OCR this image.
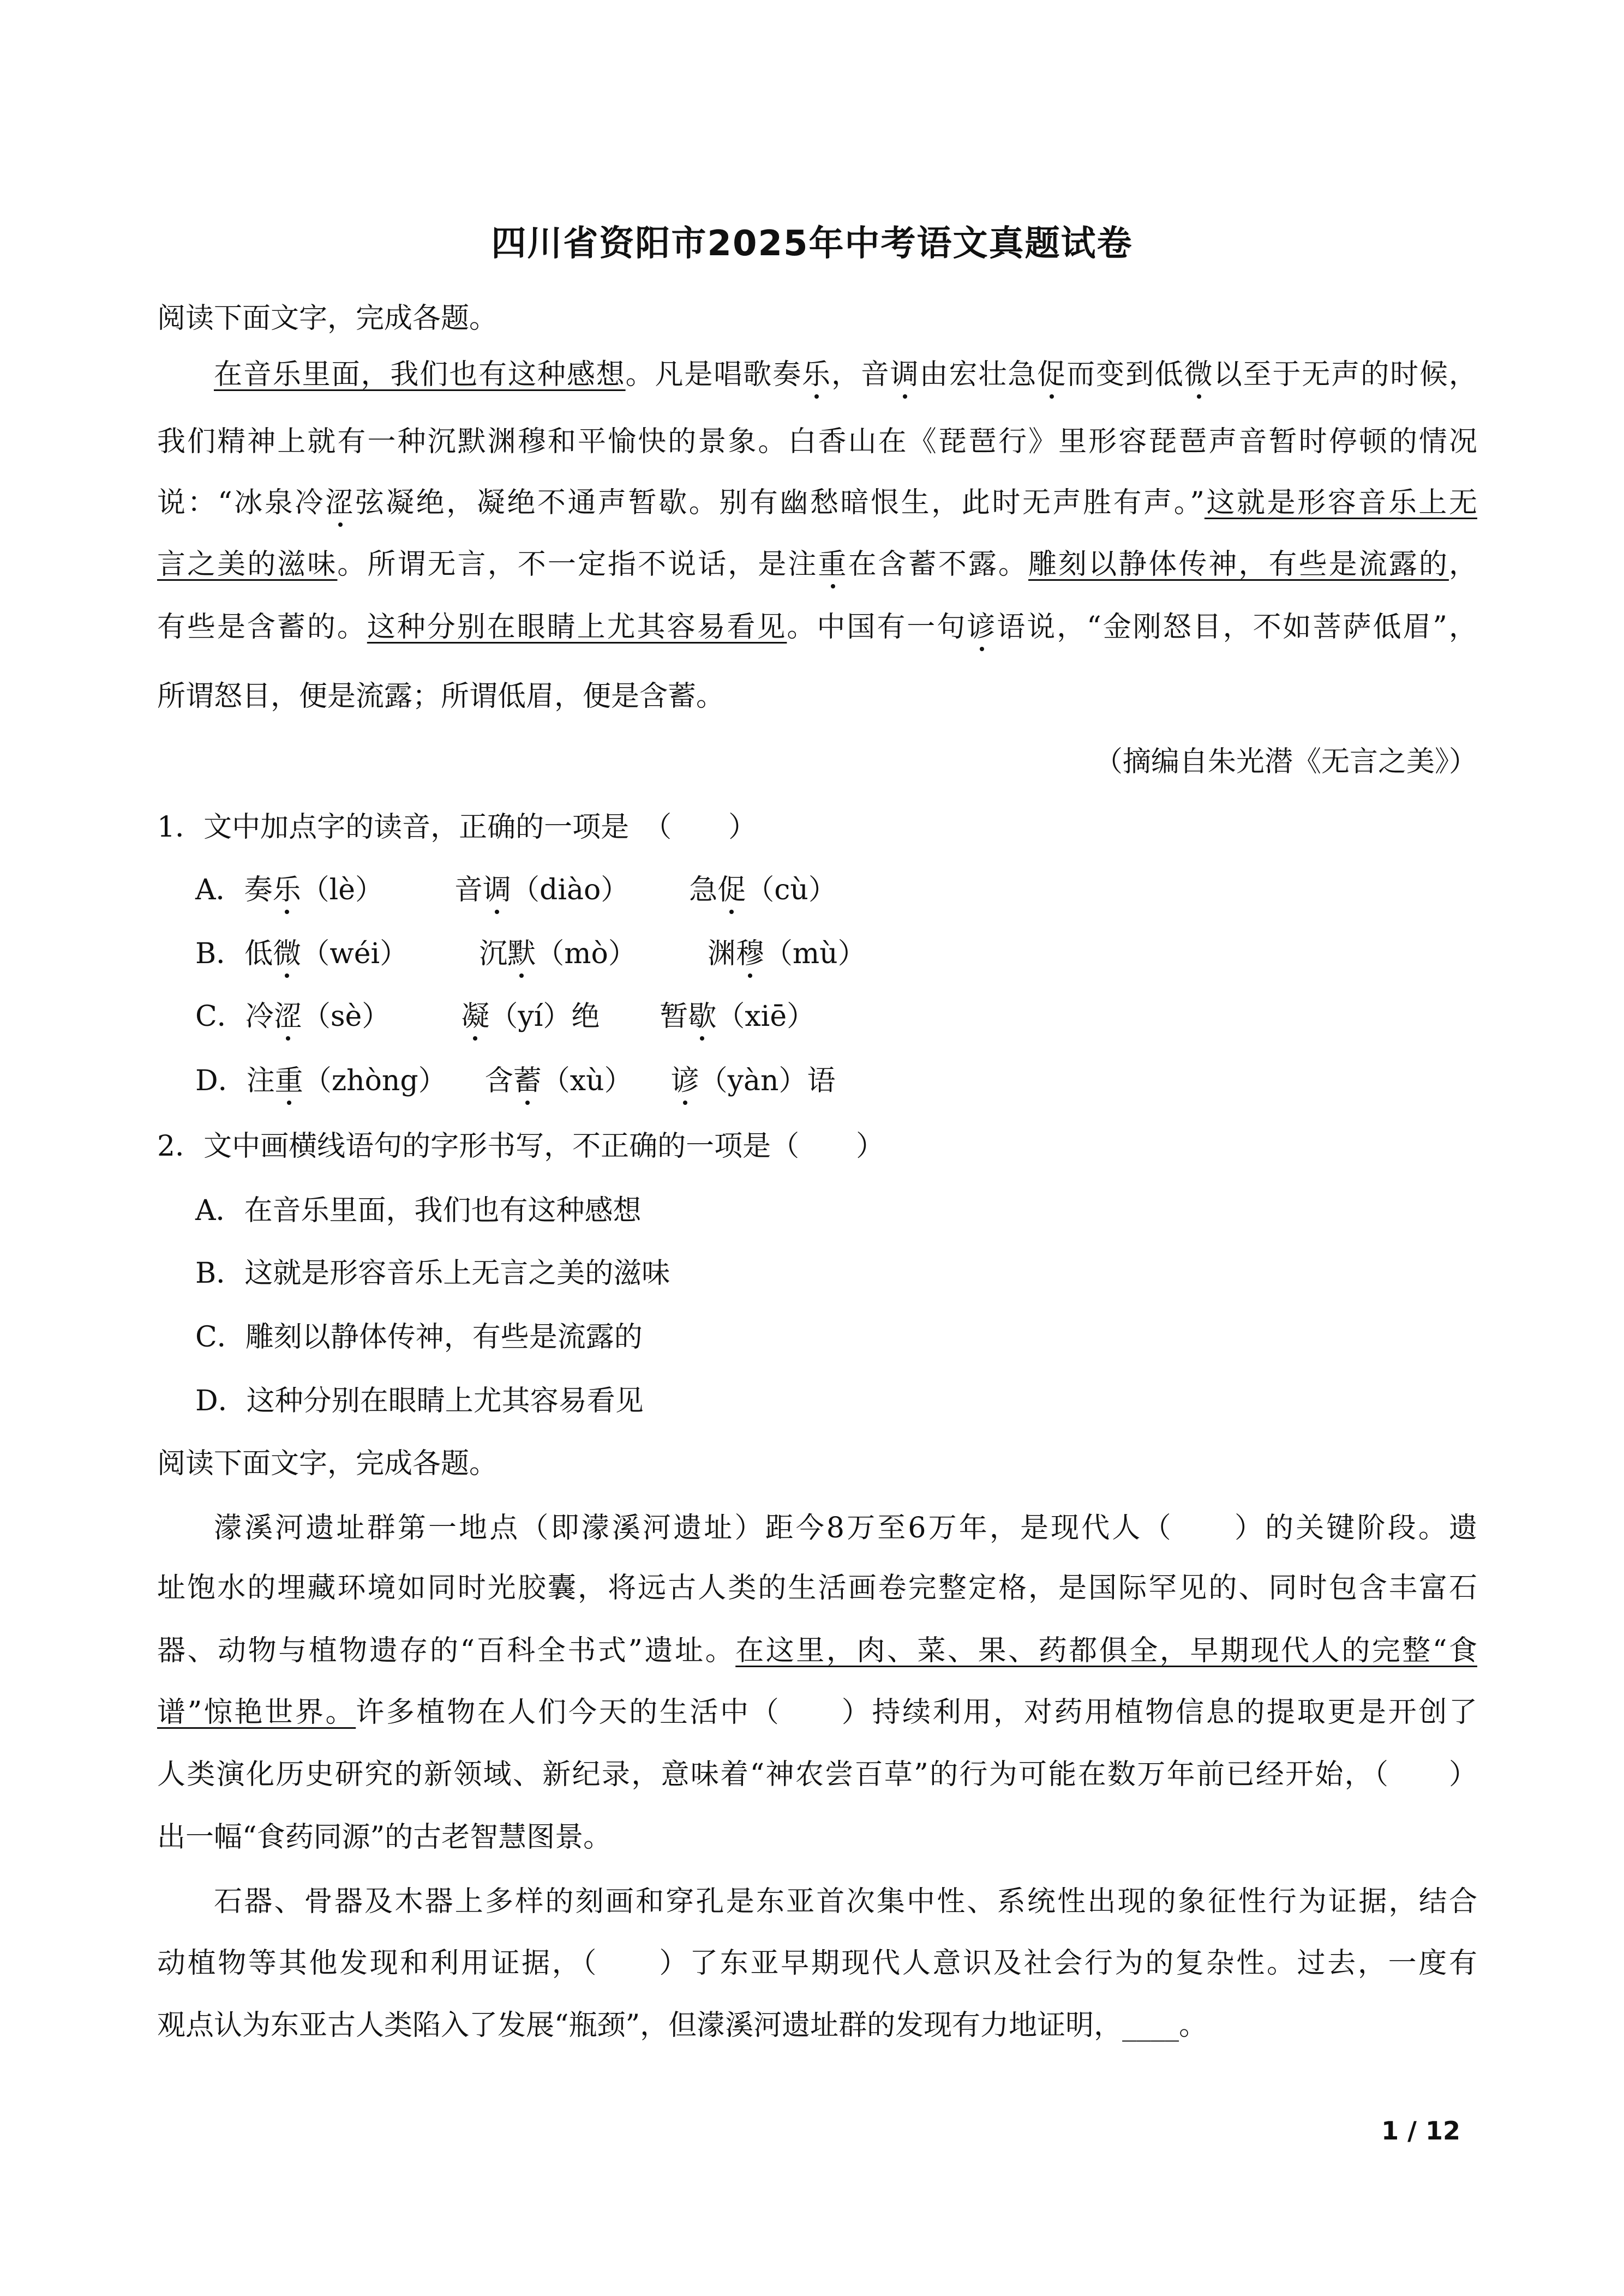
四川省资阳市2025年中考语文真题试卷
阅读下面文字，完成各题。
在音乐里面，我们也有这种感想。凡是唱歌奏乐，音调由宏壮急促而变到低微以至于无声的时候，
我们精神上就有一种沉默渊穆和平愉快的景象。白香山在《琵琶行》里形容琵琶声音暂时停顿的情况
说：“冰泉冷涩弦凝绝，凝绝不通声暂歇。别有幽愁暗恨生，此时无声胜有声。”这就是形容音乐上无
言之美的滋味。所谓无言，不一定指不说话，是注重在含蓄不露。雕刻以静体传神，有些是流露的，
有些是含蓄的。这种分别在眼睛上尤其容易看见。中国有一句谚语说，“金刚怒目，不如菩萨低眉”，
所谓怒目，便是流露；所谓低眉，便是含蓄。
（摘编自朱光潜《无言之美》）
1．文中加点字的读音，正确的一项是　（　　）
A．奏乐（lè）	音调（diào） 急促（cù）
B．低微（wéi）	沉默（mò）	渊穆（mù）
C．冷涩（sè）	凝（yí）绝 暂歇（xiē）
D．注重（zhòng） 含蓄（xù） 谚（yàn）语
2．文中画横线语句的字形书写，不正确的一项是（　　）
A．在音乐里面，我们也有这种感想
B．这就是形容音乐上无言之美的滋味
C．雕刻以静体传神，有些是流露的
D．这种分别在眼睛上尤其容易看见
阅读下面文字，完成各题。
濛溪河遗址群第一地点（即濛溪河遗址）距今8万至6万年，是现代人（　　）的关键阶段。遗
址饱水的埋藏环境如同时光胶囊，将远古人类的生活画卷完整定格，是国际罕见的、同时包含丰富石
器、动物与植物遗存的“百科全书式”遗址。在这里，肉、菜、果、药都俱全，早期现代人的完整“食
谱”惊艳世界。许多植物在人们今天的生活中（　　）持续利用，对药用植物信息的提取更是开创了
人类演化历史研究的新领域、新纪录，意味着“神农尝百草”的行为可能在数万年前已经开始，（　　）
出一幅“食药同源”的古老智慧图景。
石器、骨器及木器上多样的刻画和穿孔是东亚首次集中性、系统性出现的象征性行为证据，结合
动植物等其他发现和利用证据，（　　）了东亚早期现代人意识及社会行为的复杂性。过去，一度有
观点认为东亚古人类陷入了发展“瓶颈”，但濛溪河遗址群的发现有力地证明，____。
1 / 12
